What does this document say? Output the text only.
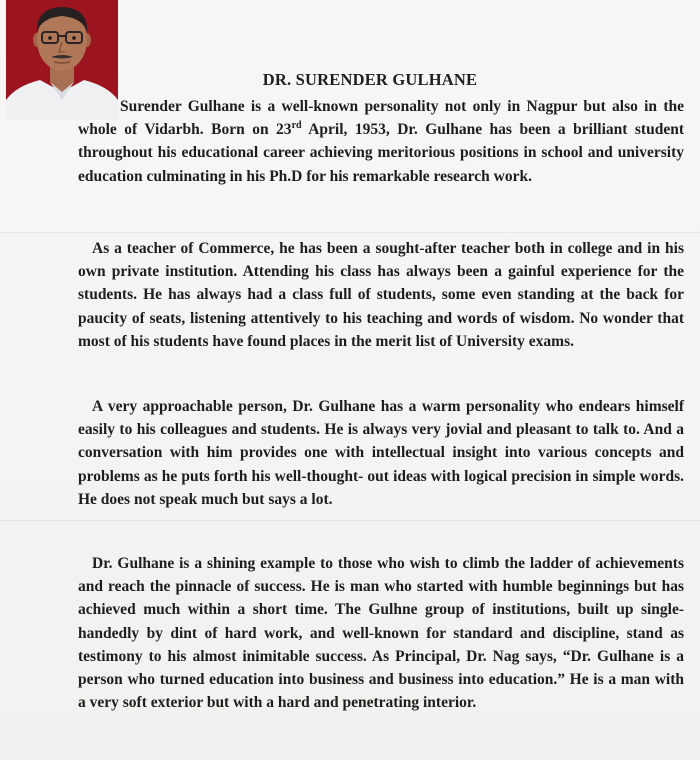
DR. SURENDER GULHANE
Surender Gulhane is a well-known personality not only in Nagpur but also in the whole of Vidarbh. Born on 23rd April, 1953, Dr. Gulhane has been a brilliant student throughout his educational career achieving meritorious positions in school and university education culminating in his Ph.D for his remarkable research work.
As a teacher of Commerce, he has been a sought-after teacher both in college and in his own private institution. Attending his class has always been a gainful experience for the students. He has always had a class full of students, some even standing at the back for paucity of seats, listening attentively to his teaching and words of wisdom. No wonder that most of his students have found places in the merit list of University exams.
A very approachable person, Dr. Gulhane has a warm personality who endears himself easily to his colleagues and students. He is always very jovial and pleasant to talk to. And a conversation with him provides one with intellectual insight into various concepts and problems as he puts forth his well-thought- out ideas with logical precision in simple words. He does not speak much but says a lot.
Dr. Gulhane is a shining example to those who wish to climb the ladder of achievements and reach the pinnacle of success. He is man who started with humble beginnings but has achieved much within a short time. The Gulhne group of institutions, built up single-handedly by dint of hard work, and well-known for standard and discipline, stand as testimony to his almost inimitable success. As Principal, Dr. Nag says, “Dr. Gulhane is a person who turned education into business and business into education.” He is a man with a very soft exterior but with a hard and penetrating interior.
